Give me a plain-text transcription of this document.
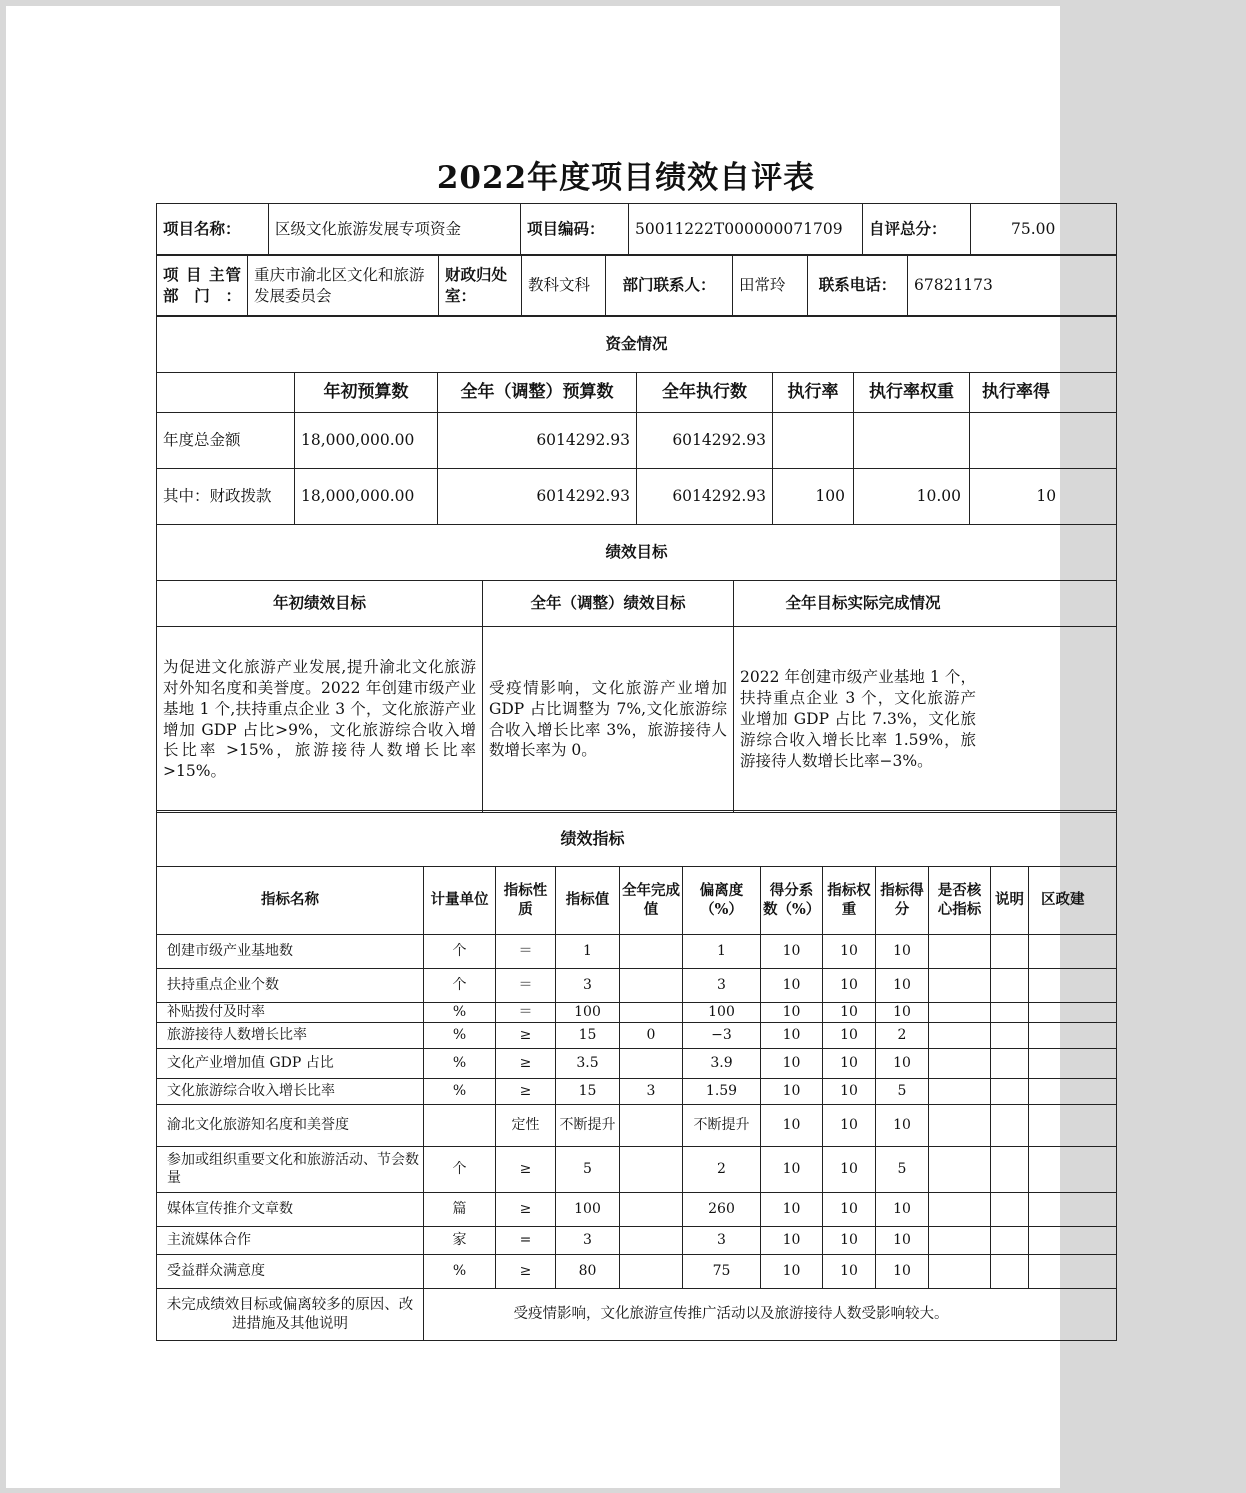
2022年度项目绩效自评表
项目名称：	区级文化旅游发展专项资金	项目编码：	50011222T000000071709	自评总分：	75.00
项 目 主管部门：	重庆市渝北区文化和旅游发展委员会	财政归处室：	教科文科	部门联系人：	田常玲	联系电话：	67821173
资金情况						
	年初预算数	全年（调整）预算数	全年执行数	执行率	执行率权重	执行率得
年度总金额	18,000,000.00	6014292.93	6014292.93			
其中：财政拨款	18,000,000.00	6014292.93	6014292.93	100	10.00	10
绩效目标		
年初绩效目标	全年（调整）绩效目标	全年目标实际完成情况
为促进文化旅游产业发展,提升渝北文化旅游对外知名度和美誉度。2022 年创建市级产业基地 1 个,扶持重点企业 3 个，文化旅游产业增加 GDP 占比>9%，文化旅游综合收入增长比率 >15%，旅游接待人数增长比率>15%。	受疫情影响，文化旅游产业增加 GDP 占比调整为 7%,文化旅游综合收入增长比率 3%，旅游接待人数增长率为 0。	2022 年创建市级产业基地 1 个，扶持重点企业 3 个，文化旅游产业增加 GDP 占比 7.3%，文化旅游综合收入增长比率 1.59%，旅游接待人数增长比率−3%。
绩效指标											
指标名称	计量单位	指标性质	指标值	全年完成值	偏离度（%）	得分系数（%）	指标权重	指标得分	是否核心指标	说明	区政建
创建市级产业基地数	个	＝	1		1	10	10	10			
扶持重点企业个数	个	＝	3		3	10	10	10			
补贴拨付及时率	%	＝	100		100	10	10	10			
旅游接待人数增长比率	%	≥	15	0	−3	10	10	2			
文化产业增加值 GDP 占比	%	≥	3.5		3.9	10	10	10			
文化旅游综合收入增长比率	%	≥	15	3	1.59	10	10	5			
渝北文化旅游知名度和美誉度		定性	不断提升		不断提升	10	10	10			
参加或组织重要文化和旅游活动、节会数量	个	≥	5		2	10	10	5			
媒体宣传推介文章数	篇	≥	100		260	10	10	10			
主流媒体合作	家	=	3		3	10	10	10			
受益群众满意度	%	≥	80		75	10	10	10			
未完成绩效目标或偏离较多的原因、改进措施及其他说明	受疫情影响，文化旅游宣传推广活动以及旅游接待人数受影响较大。										
